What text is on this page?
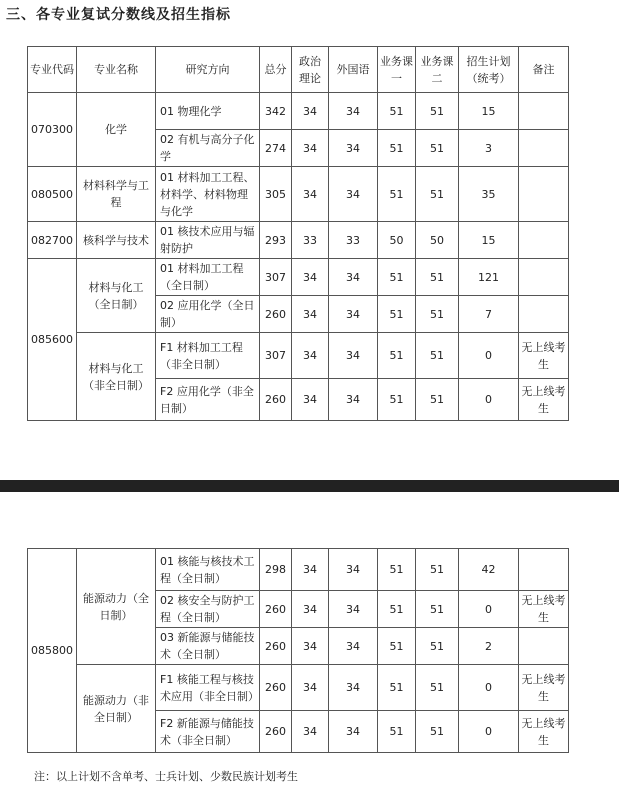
三、各专业复试分数线及招生指标
专业代码	专业名称	研究方向	总分	政治理论	外国语	业务课一	业务课二	招生计划（统考）	备注
070300	化学	01 物理化学	342	34	34	51	51	15	
		02 有机与高分子化学	274	34	34	51	51	3	
080500	材料科学与工程	01 材料加工工程、材料学、材料物理与化学	305	34	34	51	51	35	
082700	核科学与技术	01 核技术应用与辐射防护	293	33	33	50	50	15	
085600	材料与化工（全日制）	01 材料加工工程（全日制）	307	34	34	51	51	121	
		02 应用化学（全日制）	260	34	34	51	51	7	
	材料与化工（非全日制）	F1 材料加工工程（非全日制）	307	34	34	51	51	0	无上线考生
		F2 应用化学（非全日制）	260	34	34	51	51	0	无上线考生
085800	能源动力（全日制）	01 核能与核技术工程（全日制）	298	34	34	51	51	42	
		02 核安全与防护工程（全日制）	260	34	34	51	51	0	无上线考生
		03 新能源与储能技术（全日制）	260	34	34	51	51	2	
	能源动力（非全日制）	F1 核能工程与核技术应用（非全日制）	260	34	34	51	51	0	无上线考生
		F2 新能源与储能技术（非全日制）	260	34	34	51	51	0	无上线考生
注：以上计划不含单考、士兵计划、少数民族计划考生
